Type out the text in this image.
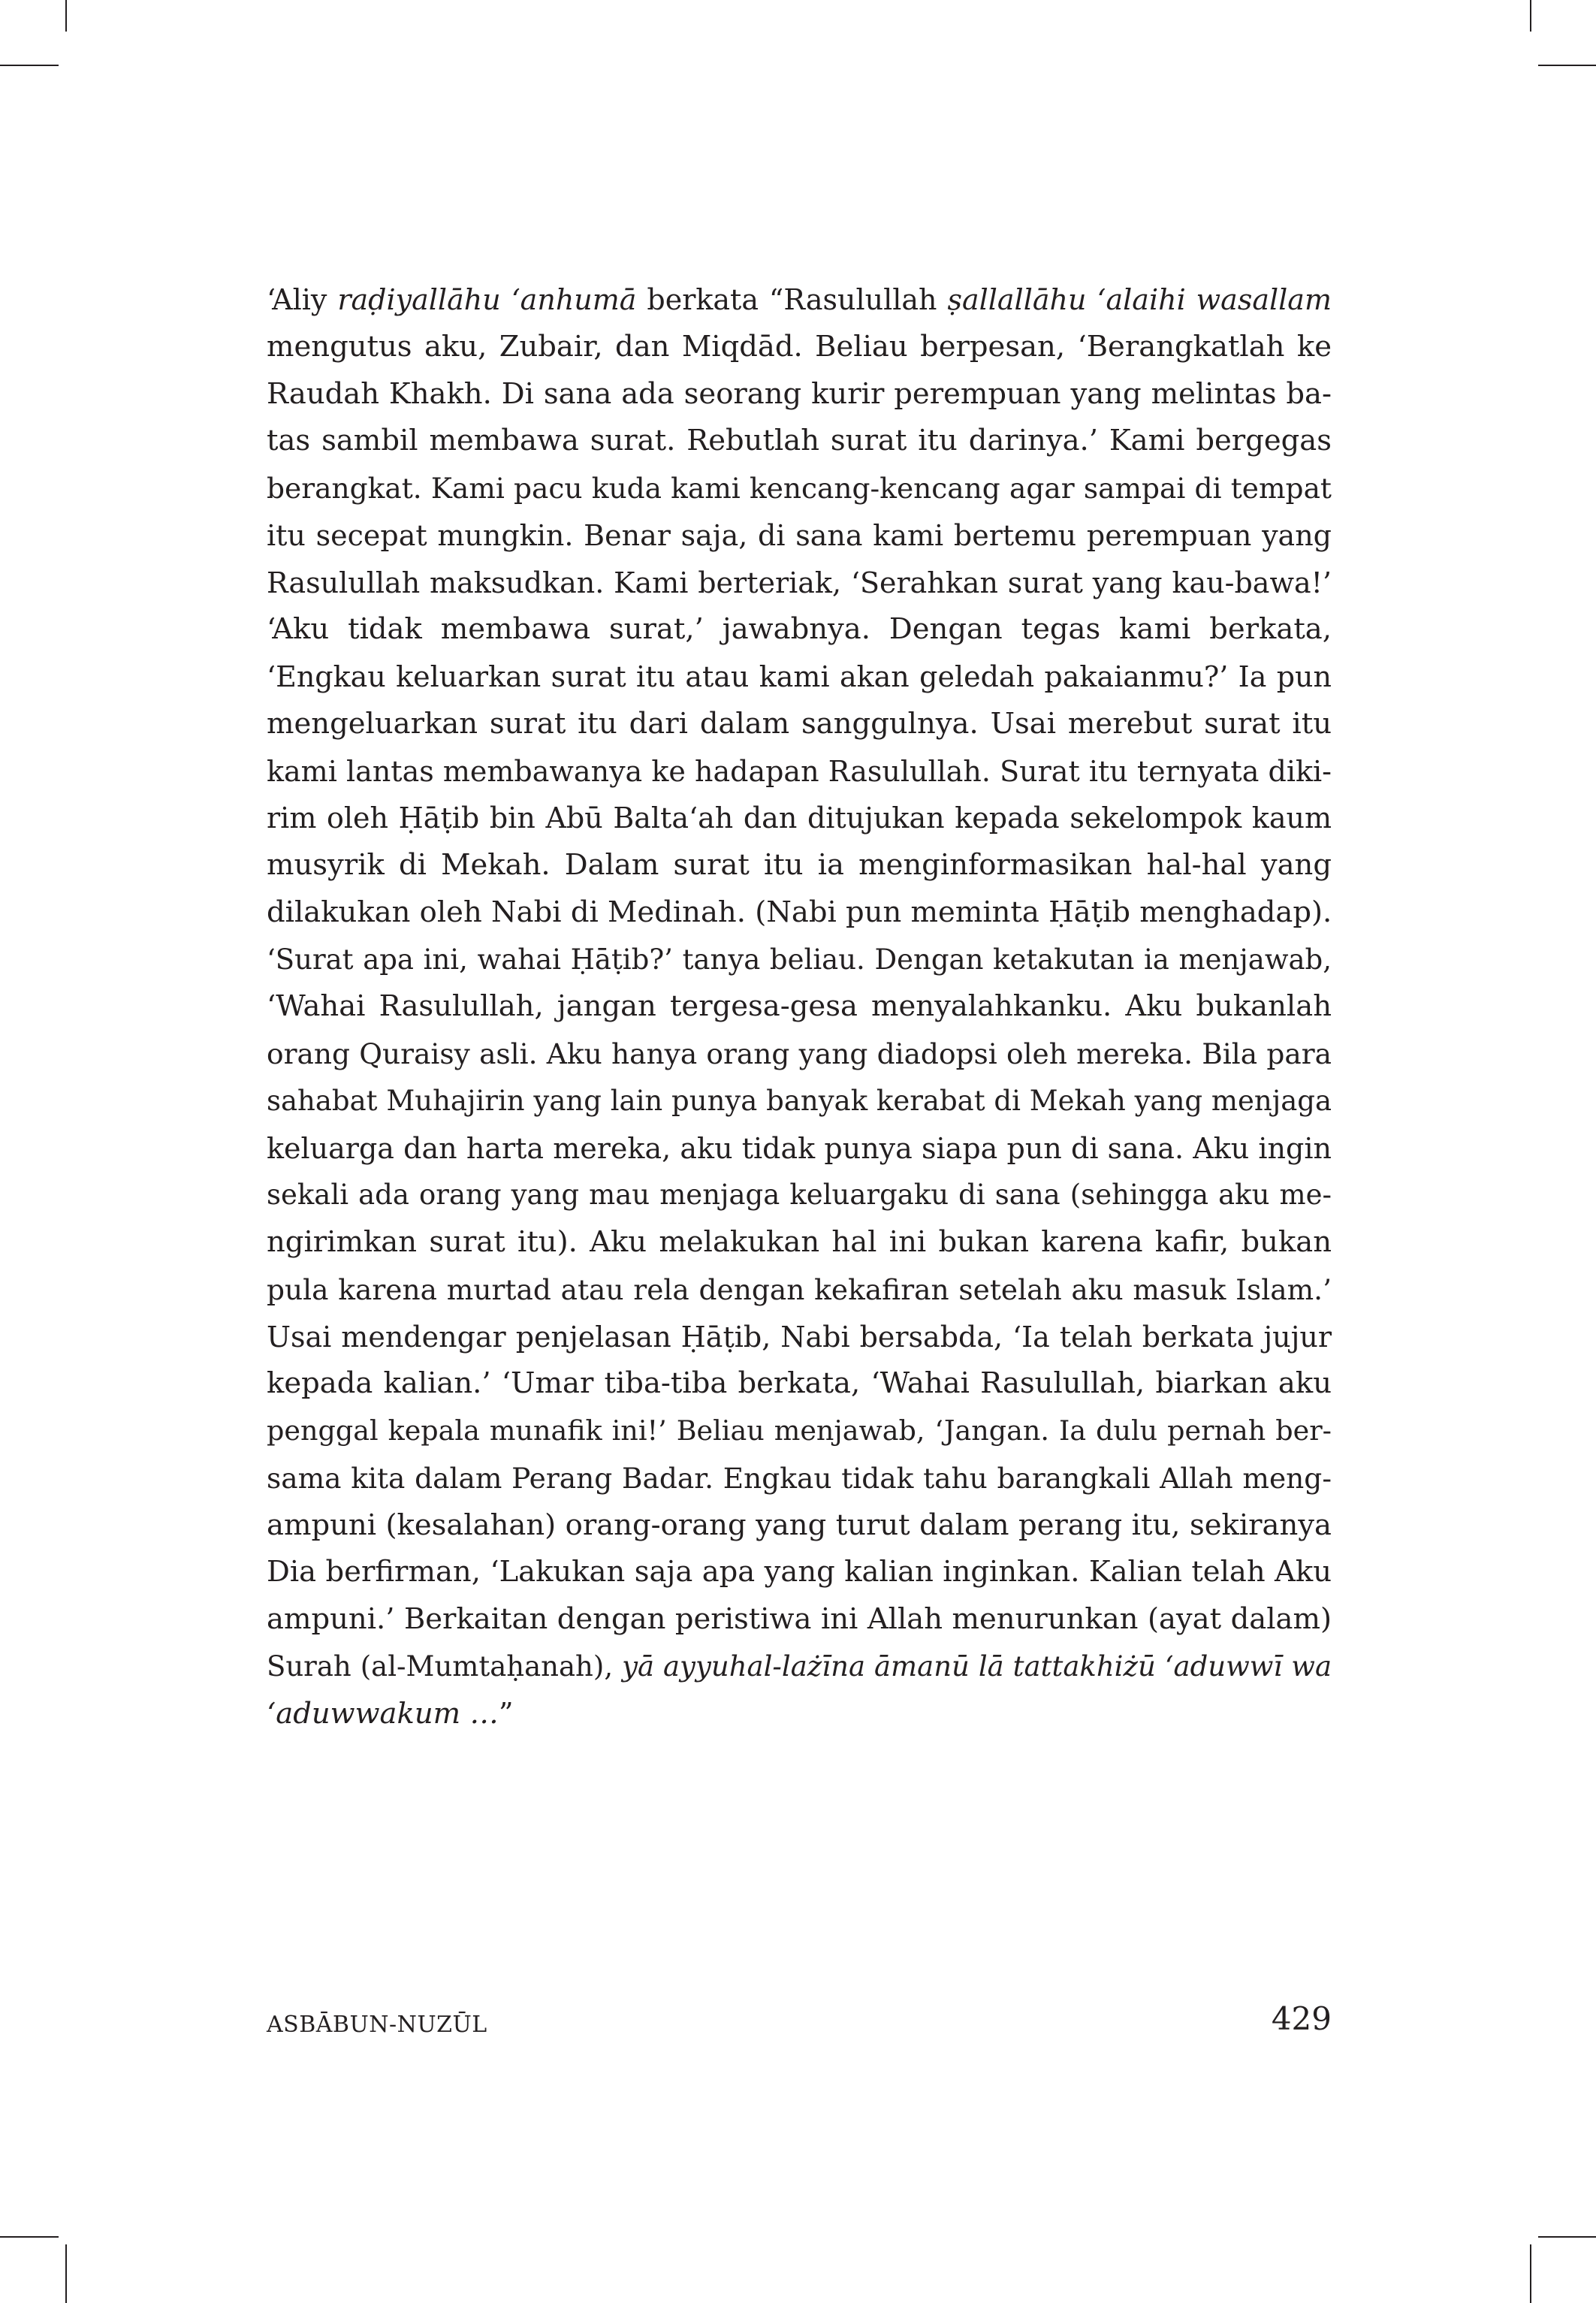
‘Aliy raḍiyallāhu ‘anhumā berkata “Rasulullah ṣallallāhu ‘alaihi wasallam
mengutus aku, Zubair, dan Miqdād. Beliau berpesan, ‘Berangkatlah ke
Raudah Khakh. Di sana ada seorang kurir perempuan yang melintas ba-
tas sambil membawa surat. Rebutlah surat itu darinya.’ Kami bergegas
berangkat. Kami pacu kuda kami kencang-kencang agar sampai di tempat
itu secepat mungkin. Benar saja, di sana kami bertemu perempuan yang
Rasulullah maksudkan. Kami berteriak, ‘Serahkan surat yang kau-bawa!’
‘Aku tidak membawa surat,’ jawabnya. Dengan tegas kami berkata,
‘Engkau keluarkan surat itu atau kami akan geledah pakaianmu?’ Ia pun
mengeluarkan surat itu dari dalam sanggulnya. Usai merebut surat itu
kami lantas membawanya ke hadapan Rasulullah. Surat itu ternyata diki-
rim oleh Ḥāṭib bin Abū Balta‘ah dan ditujukan kepada sekelompok kaum
musyrik di Mekah. Dalam surat itu ia menginformasikan hal-hal yang
dilakukan oleh Nabi di Medinah. (Nabi pun meminta Ḥāṭib menghadap).
‘Surat apa ini, wahai Ḥāṭib?’ tanya beliau. Dengan ketakutan ia menjawab,
‘Wahai Rasulullah, jangan tergesa-gesa menyalahkanku. Aku bukanlah
orang Quraisy asli. Aku hanya orang yang diadopsi oleh mereka. Bila para
sahabat Muhajirin yang lain punya banyak kerabat di Mekah yang menjaga
keluarga dan harta mereka, aku tidak punya siapa pun di sana. Aku ingin
sekali ada orang yang mau menjaga keluargaku di sana (sehingga aku me-
ngirimkan surat itu). Aku melakukan hal ini bukan karena kafir, bukan
pula karena murtad atau rela dengan kekafiran setelah aku masuk Islam.’
Usai mendengar penjelasan Ḥāṭib, Nabi bersabda, ‘Ia telah berkata jujur
kepada kalian.’ ‘Umar tiba-tiba berkata, ‘Wahai Rasulullah, biarkan aku
penggal kepala munafik ini!’ Beliau menjawab, ‘Jangan. Ia dulu pernah ber-
sama kita dalam Perang Badar. Engkau tidak tahu barangkali Allah meng-
ampuni (kesalahan) orang-orang yang turut dalam perang itu, sekiranya
Dia berfirman, ‘Lakukan saja apa yang kalian inginkan. Kalian telah Aku
ampuni.’ Berkaitan dengan peristiwa ini Allah menurunkan (ayat dalam)
Surah (al-Mumtaḥanah), yā ayyuhal-lażīna āmanū lā tattakhiżū ‘aduwwī wa
‘aduwwakum …”
ASBĀBUN-NUZŪL	429
